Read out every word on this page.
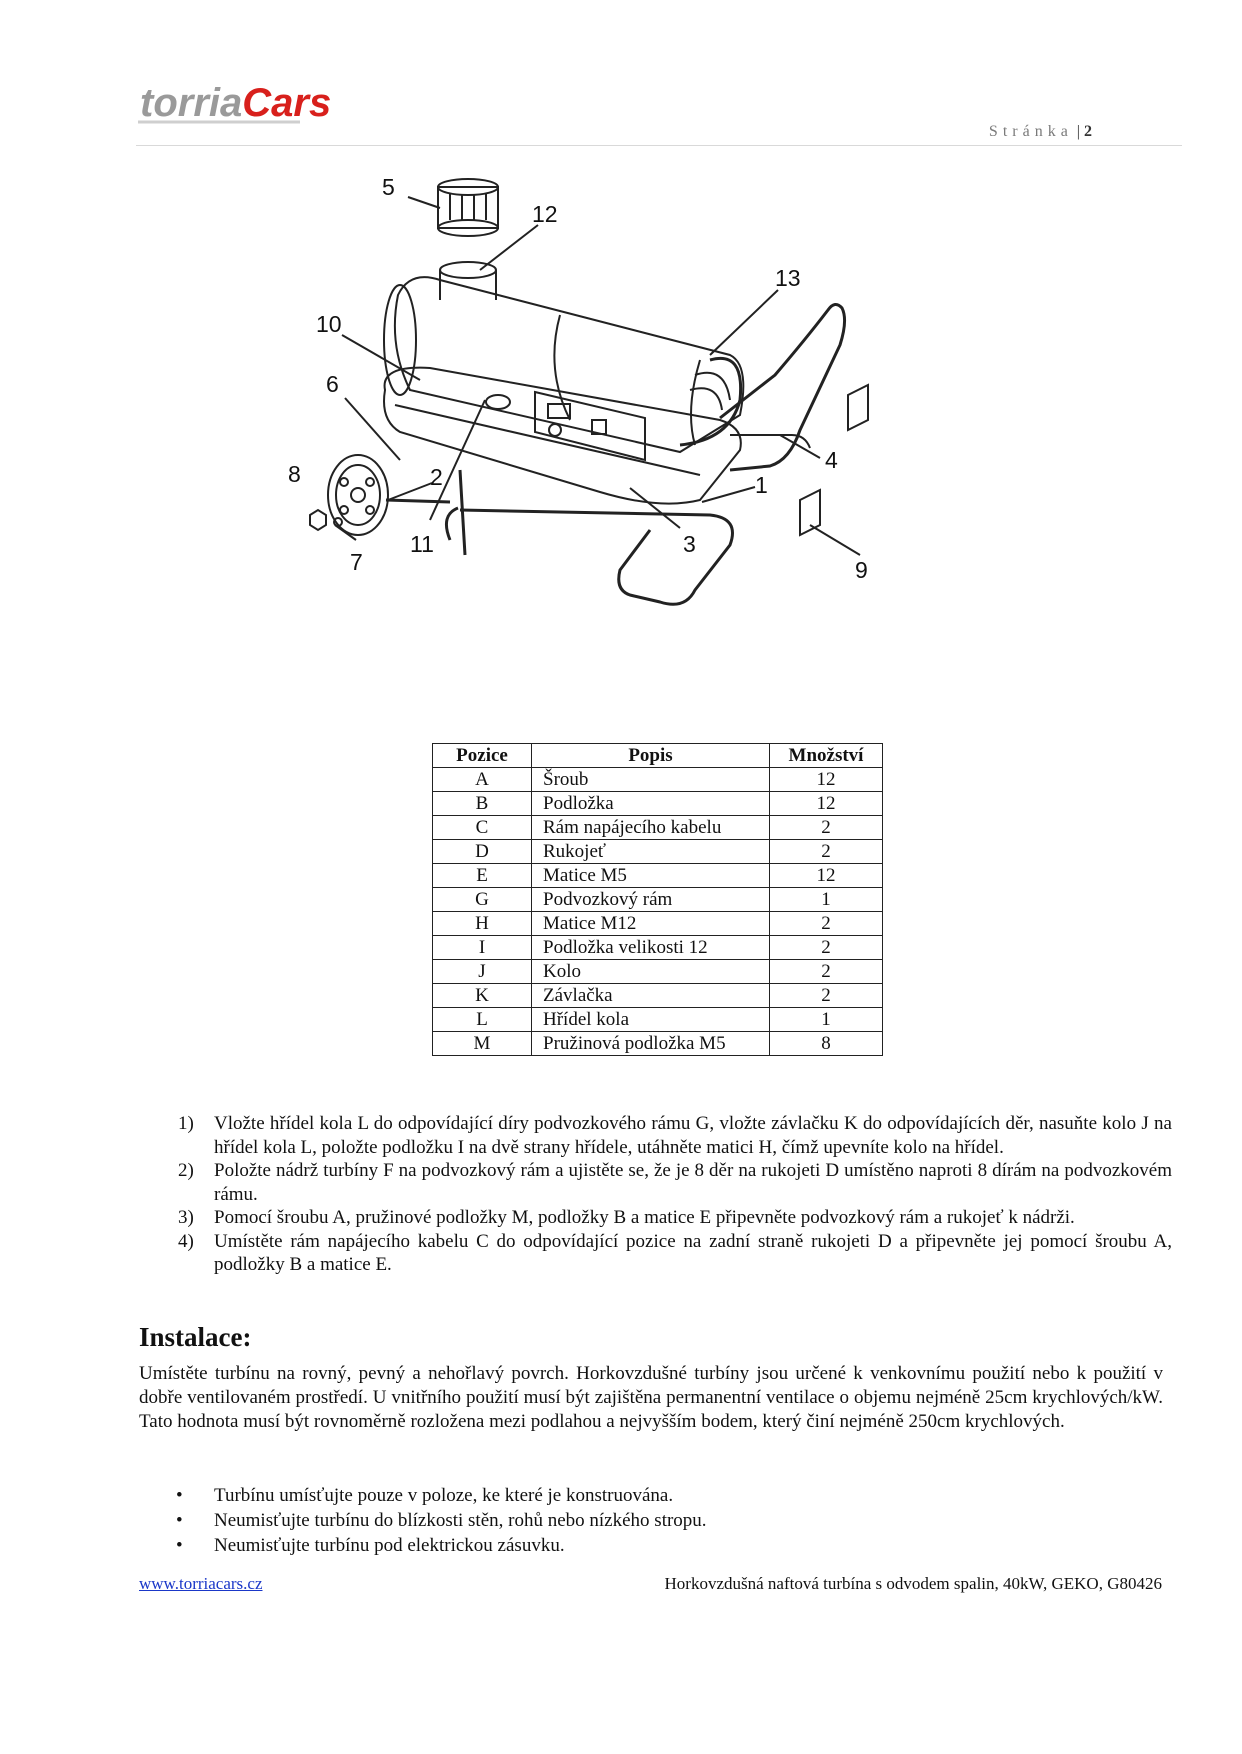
torriaCars
Stránka | 2
5
12
13
10
6
4
8	2	1
11	3
7	9
Pozice	Popis	Množství
A	Šroub	12
B	Podložka	12
C	Rám napájecího kabelu	2
D	Rukojeť	2
E	Matice M5	12
G	Podvozkový rám	1
H	Matice M12	2
I	Podložka velikosti 12	2
J	Kolo	2
K	Závlačka	2
L	Hřídel kola	1
M	Pružinová podložka M5	8
1) Vložte hřídel kola L do odpovídající díry podvozkového rámu G, vložte závlačku K do odpovídajících děr, nasuňte kolo J na hřídel kola L, položte podložku I na dvě strany hřídele, utáhněte matici H, čímž upevníte kolo na hřídel.
2) Položte nádrž turbíny F na podvozkový rám a ujistěte se, že je 8 děr na rukojeti D umístěno naproti 8 dírám na podvozkovém rámu.
3) Pomocí šroubu A, pružinové podložky M, podložky B a matice E připevněte podvozkový rám a rukojeť k nádrži.
4) Umístěte rám napájecího kabelu C do odpovídající pozice na zadní straně rukojeti D a připevněte jej pomocí šroubu A, podložky B a matice E.
Instalace:

Umístěte turbínu na rovný, pevný a nehořlavý povrch. Horkovzdušné turbíny jsou určené k venkovnímu použití nebo k použití v dobře ventilovaném prostředí. U vnitřního použití musí být zajištěna permanentní ventilace o objemu nejméně 25cm krychlových/kW. Tato hodnota musí být rovnoměrně rozložena mezi podlahou a nejvyšším bodem, který činí nejméně 250cm krychlových.

• Turbínu umísťujte pouze v poloze, ke které je konstruována.
• Neumisťujte turbínu do blízkosti stěn, rohů nebo nízkého stropu.
• Neumisťujte turbínu pod elektrickou zásuvku.
www.torriacars.cz	Horkovzdušná naftová turbína s odvodem spalin, 40kW, GEKO, G80426
